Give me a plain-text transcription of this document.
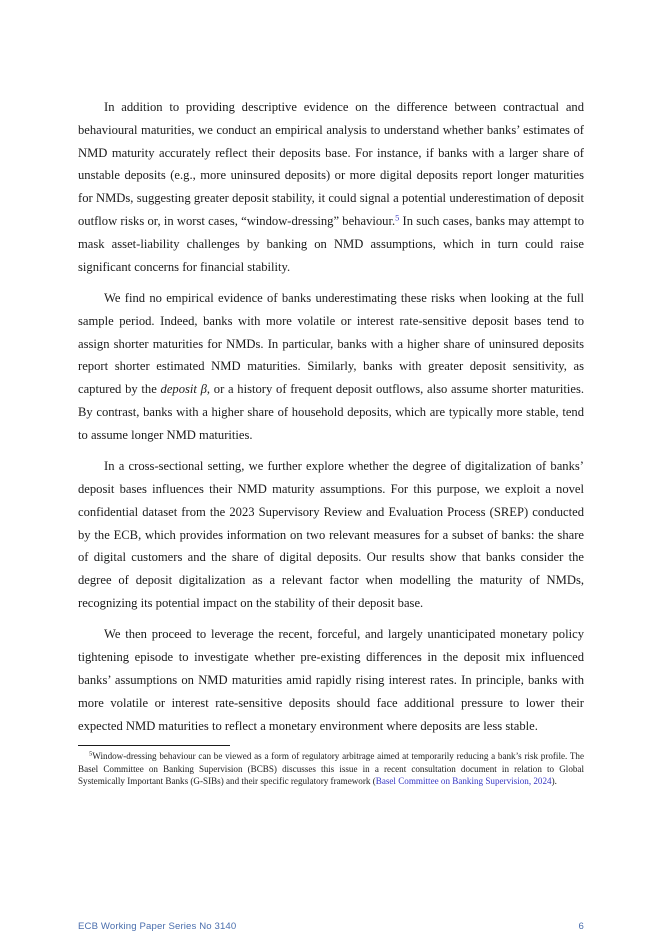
In addition to providing descriptive evidence on the difference between contractual and behavioural maturities, we conduct an empirical analysis to understand whether banks’ estimates of NMD maturity accurately reflect their deposits base. For instance, if banks with a larger share of unstable deposits (e.g., more uninsured deposits) or more digital deposits report longer maturities for NMDs, suggesting greater deposit stability, it could signal a potential underestimation of deposit outflow risks or, in worst cases, “window-dressing” behaviour.$^5$ In such cases, banks may attempt to mask asset-liability challenges by banking on NMD assumptions, which in turn could raise significant concerns for financial stability.

We find no empirical evidence of banks underestimating these risks when looking at the full sample period. Indeed, banks with more volatile or interest rate-sensitive deposit bases tend to assign shorter maturities for NMDs. In particular, banks with a higher share of uninsured deposits report shorter estimated NMD maturities. Similarly, banks with greater deposit sensitivity, as captured by the deposit β, or a history of frequent deposit outflows, also assume shorter maturities. By contrast, banks with a higher share of household deposits, which are typically more stable, tend to assume longer NMD maturities.

In a cross-sectional setting, we further explore whether the degree of digitalization of banks’ deposit bases influences their NMD maturity assumptions. For this purpose, we exploit a novel confidential dataset from the 2023 Supervisory Review and Evaluation Process (SREP) conducted by the ECB, which provides information on two relevant measures for a subset of banks: the share of digital customers and the share of digital deposits. Our results show that banks consider the degree of deposit digitalization as a relevant factor when modelling the maturity of NMDs, recognizing its potential impact on the stability of their deposit base.

We then proceed to leverage the recent, forceful, and largely unanticipated monetary policy tightening episode to investigate whether pre-existing differences in the deposit mix influenced banks’ assumptions on NMD maturities amid rapidly rising interest rates. In principle, banks with more volatile or interest rate-sensitive deposits should face additional pressure to lower their expected NMD maturities to reflect a monetary environment where deposits are less stable.

$^5$Window-dressing behaviour can be viewed as a form of regulatory arbitrage aimed at temporarily reducing a bank’s risk profile. The Basel Committee on Banking Supervision (BCBS) discusses this issue in a recent consultation document in relation to Global Systemically Important Banks (G-SIBs) and their specific regulatory framework (Basel Committee on Banking Supervision, 2024).

ECB Working Paper Series No 3140	6
